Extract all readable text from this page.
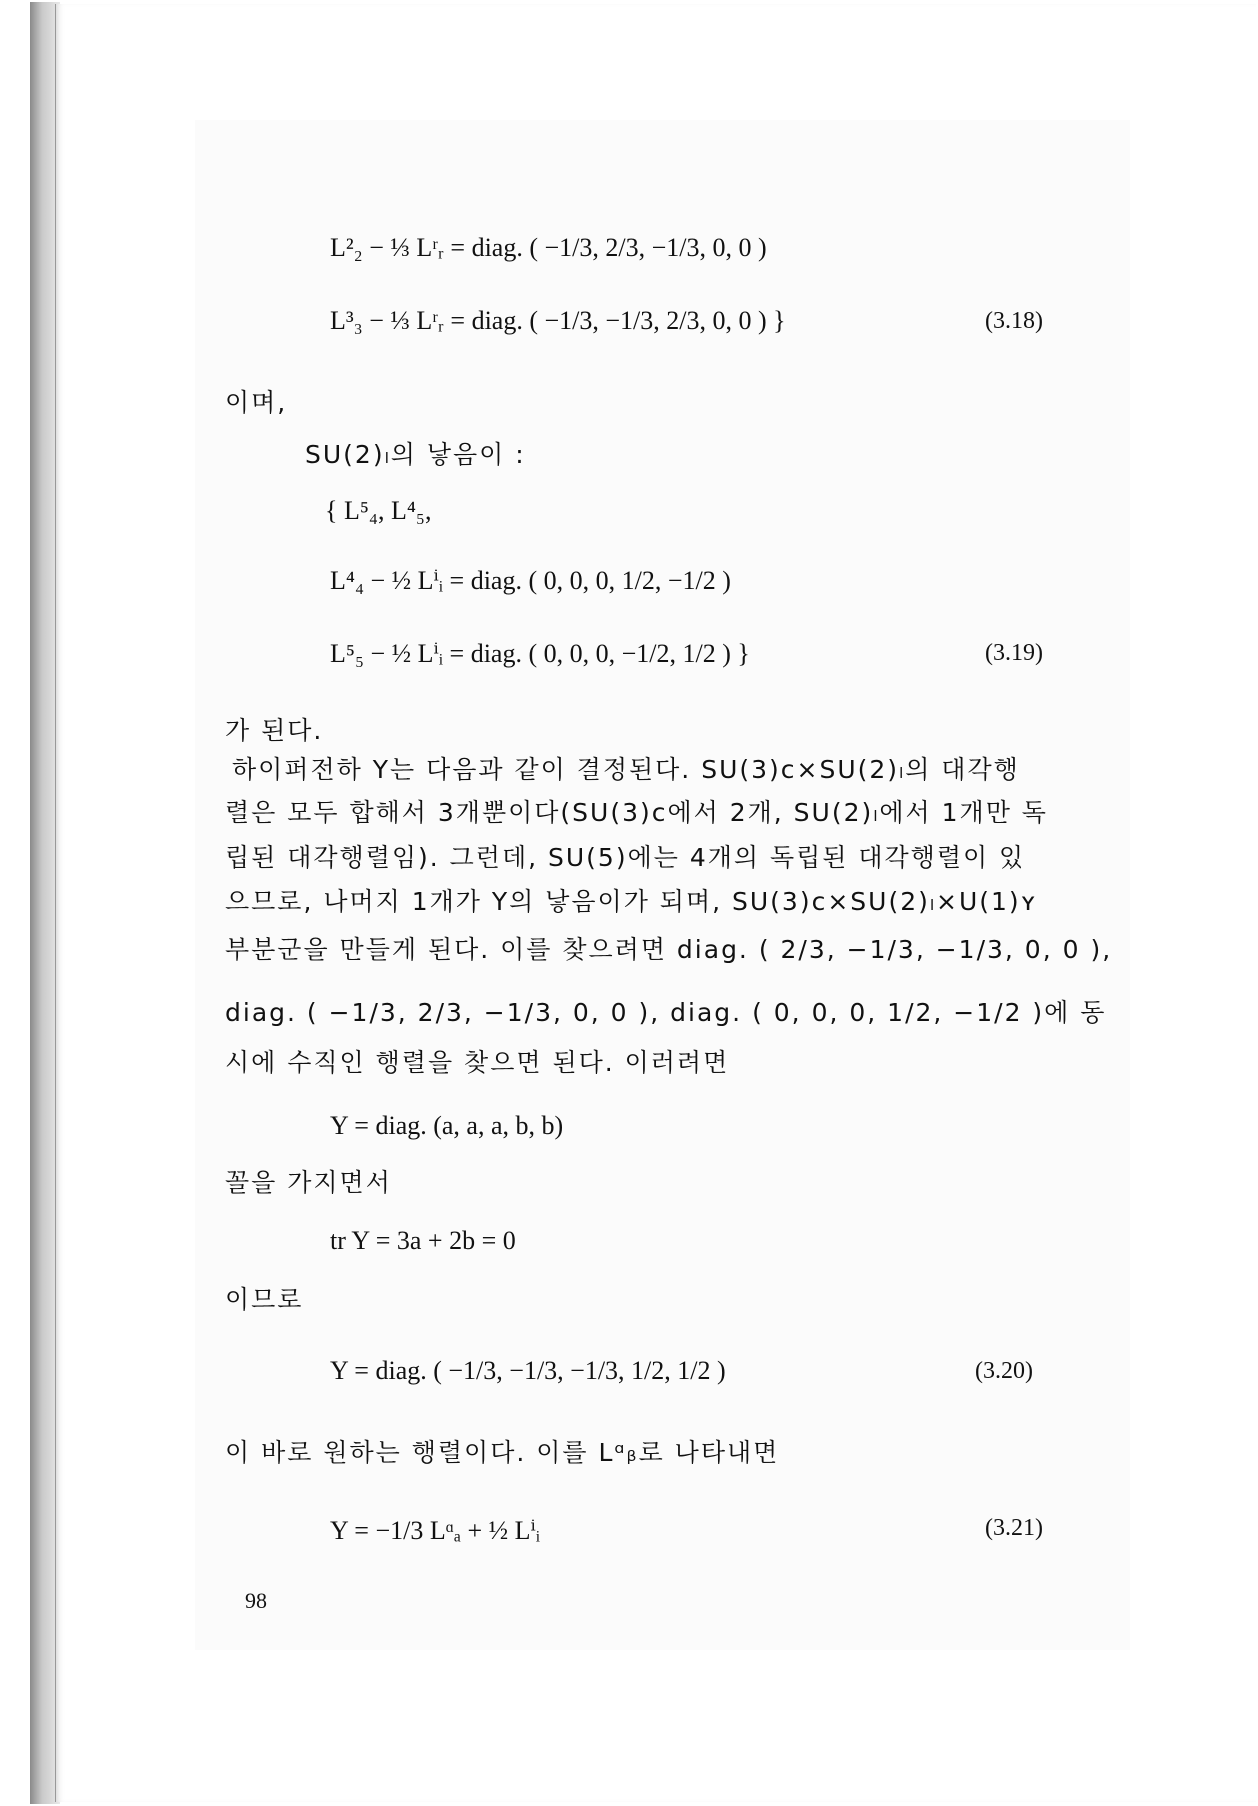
L²₂ − ⅓ Lʳᵣ = diag. ( −1/3, 2/3, −1/3, 0, 0 )
L³₃ − ⅓ Lʳᵣ = diag. ( −1/3, −1/3, 2/3, 0, 0 ) }	(3.18)
이며,
SU(2)ₗ의 낳음이 :
{ L⁵₄, L⁴₅,
L⁴₄ − ½ Lⁱᵢ = diag. ( 0, 0, 0, 1/2, −1/2 )
L⁵₅ − ½ Lⁱᵢ = diag. ( 0, 0, 0, −1/2, 1/2 ) }	(3.19)
가 된다.
하이퍼전하 Y는 다음과 같이 결정된다. SU(3)c×SU(2)ₗ의 대각행
렬은 모두 합해서 3개뿐이다(SU(3)c에서 2개, SU(2)ₗ에서 1개만 독
립된 대각행렬임). 그런데, SU(5)에는 4개의 독립된 대각행렬이 있
으므로, 나머지 1개가 Y의 낳음이가 되며, SU(3)c×SU(2)ₗ×U(1)ʏ
부분군을 만들게 된다. 이를 찾으려면 diag. ( 2/3, −1/3, −1/3, 0, 0 ),
diag. ( −1/3, 2/3, −1/3, 0, 0 ), diag. ( 0, 0, 0, 1/2, −1/2 )에 동
시에 수직인 행렬을 찾으면 된다. 이러려면
Y = diag. (a, a, a, b, b)
꼴을 가지면서
tr Y = 3a + 2b = 0
이므로
Y = diag. ( −1/3, −1/3, −1/3, 1/2, 1/2 )	(3.20)
이 바로 원하는 행렬이다. 이를 Lᵅᵦ로 나타내면
Y = −1/3 Lᵅₐ + ½ Lⁱᵢ	(3.21)
98
